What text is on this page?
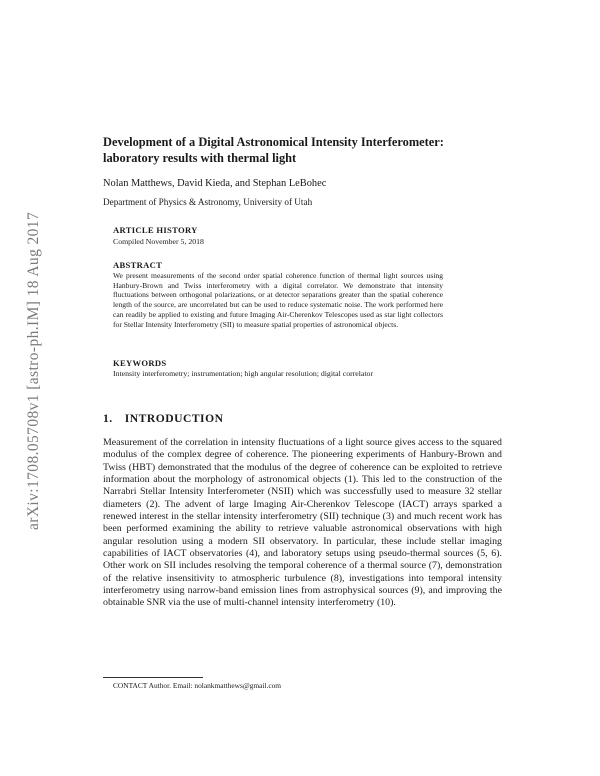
arXiv:1708.05708v1 [astro-ph.IM] 18 Aug 2017
Development of a Digital Astronomical Intensity Interferometer: laboratory results with thermal light
Nolan Matthews, David Kieda, and Stephan LeBohec
Department of Physics & Astronomy, University of Utah
ARTICLE HISTORY
Compiled November 5, 2018
ABSTRACT
We present measurements of the second order spatial coherence function of thermal light sources using Hanbury-Brown and Twiss interferometry with a digital correlator. We demonstrate that intensity fluctuations between orthogonal polarizations, or at detector separations greater than the spatial coherence length of the source, are uncorrelated but can be used to reduce systematic noise. The work performed here can readily be applied to existing and future Imaging Air-Cherenkov Telescopes used as star light collectors for Stellar Intensity Interferometry (SII) to measure spatial properties of astronomical objects.
KEYWORDS
Intensity interferometry; instrumentation; high angular resolution; digital correlator
1. INTRODUCTION

Measurement of the correlation in intensity fluctuations of a light source gives access to the squared modulus of the complex degree of coherence. The pioneering experiments of Hanbury-Brown and Twiss (HBT) demonstrated that the modulus of the degree of coherence can be exploited to retrieve information about the morphology of astronomical objects (1). This led to the construction of the Narrabri Stellar Intensity Interferometer (NSII) which was successfully used to measure 32 stellar diameters (2). The advent of large Imaging Air-Cherenkov Telescope (IACT) arrays sparked a renewed interest in the stellar intensity interferometry (SII) technique (3) and much recent work has been performed examining the ability to retrieve valuable astronomical observations with high angular resolution using a modern SII observatory. In particular, these include stellar imaging capabilities of IACT observatories (4), and laboratory setups using pseudo-thermal sources (5, 6). Other work on SII includes resolving the temporal coherence of a thermal source (7), demonstration of the relative insensitivity to atmospheric turbulence (8), investigations into temporal intensity interferometry using narrow-band emission lines from astrophysical sources (9), and improving the obtainable SNR via the use of multi-channel intensity interferometry (10).

CONTACT Author. Email: nolankmatthews@gmail.com
